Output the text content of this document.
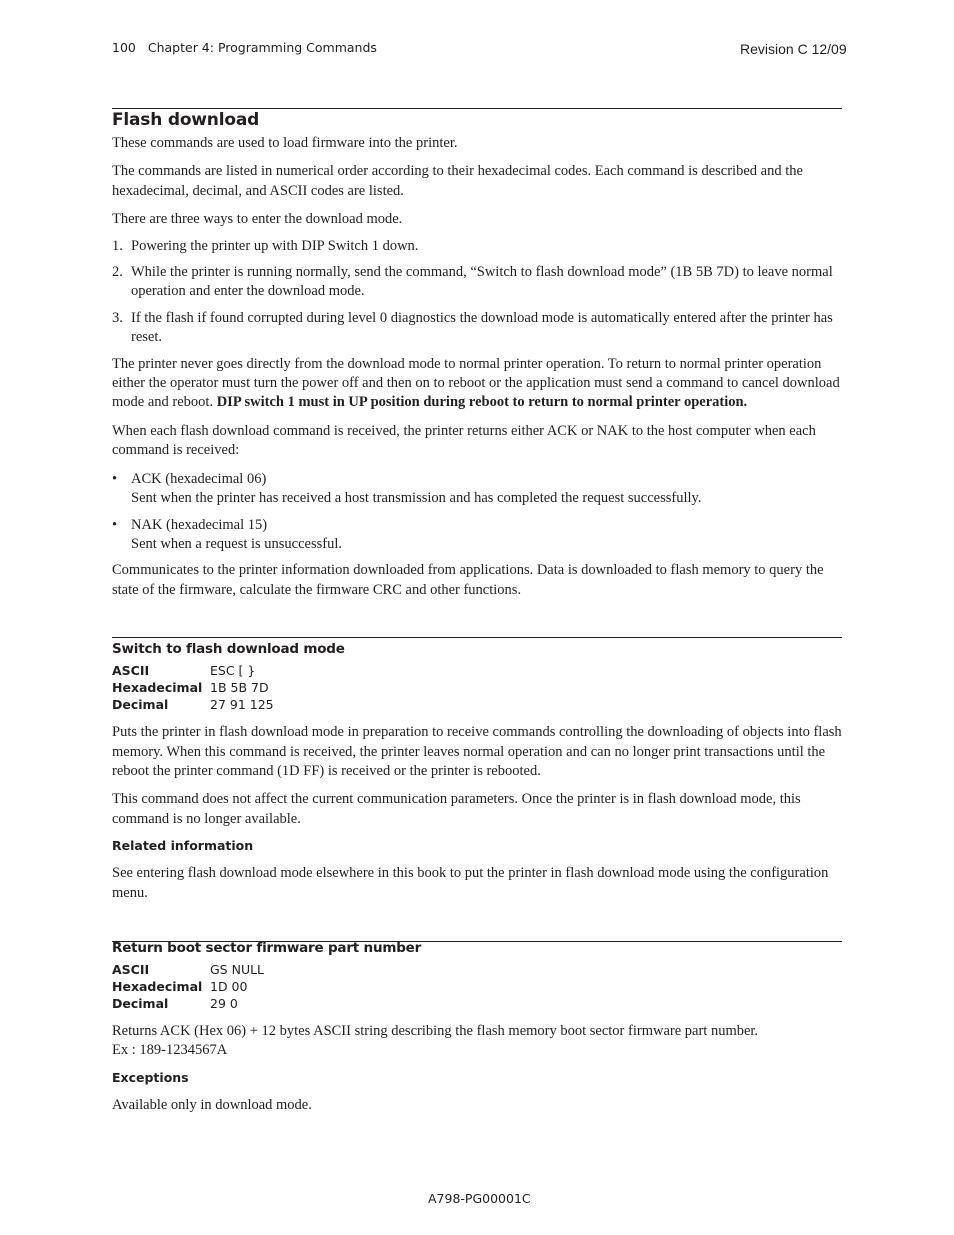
100 Chapter 4: Programming Commands	Revision C 12/09
Flash download

These commands are used to load firmware into the printer.

The commands are listed in numerical order according to their hexadecimal codes. Each command is described and the hexadecimal, decimal, and ASCII codes are listed.

There are three ways to enter the download mode.

1. Powering the printer up with DIP Switch 1 down.
2. While the printer is running normally, send the command, “Switch to flash download mode” (1B 5B 7D) to leave normal operation and enter the download mode.
3. If the flash if found corrupted during level 0 diagnostics the download mode is automatically entered after the printer has reset.

The printer never goes directly from the download mode to normal printer operation. To return to normal printer operation either the operator must turn the power off and then on to reboot or the application must send a command to cancel download mode and reboot. DIP switch 1 must in UP position during reboot to return to normal printer operation.

When each flash download command is received, the printer returns either ACK or NAK to the host computer when each command is received:

• ACK (hexadecimal 06)
Sent when the printer has received a host transmission and has completed the request successfully.
• NAK (hexadecimal 15)
Sent when a request is unsuccessful.

Communicates to the printer information downloaded from applications. Data is downloaded to flash memory to query the state of the firmware, calculate the firmware CRC and other functions.

Switch to flash download mode
ASCII	ESC [ }
Hexadecimal 1B 5B 7D
Decimal	27 91 125

Puts the printer in flash download mode in preparation to receive commands controlling the downloading of objects into flash memory. When this command is received, the printer leaves normal operation and can no longer print transactions until the reboot the printer command (1D FF) is received or the printer is rebooted.

This command does not affect the current communication parameters. Once the printer is in flash download mode, this command is no longer available.

Related information

See entering flash download mode elsewhere in this book to put the printer in flash download mode using the configuration menu.

Return boot sector firmware part number
ASCII	GS NULL
Hexadecimal 1D 00
Decimal	29 0

Returns ACK (Hex 06) + 12 bytes ASCII string describing the flash memory boot sector firmware part number.
Ex : 189-1234567A

Exceptions

Available only in download mode.

A798-PG00001C
